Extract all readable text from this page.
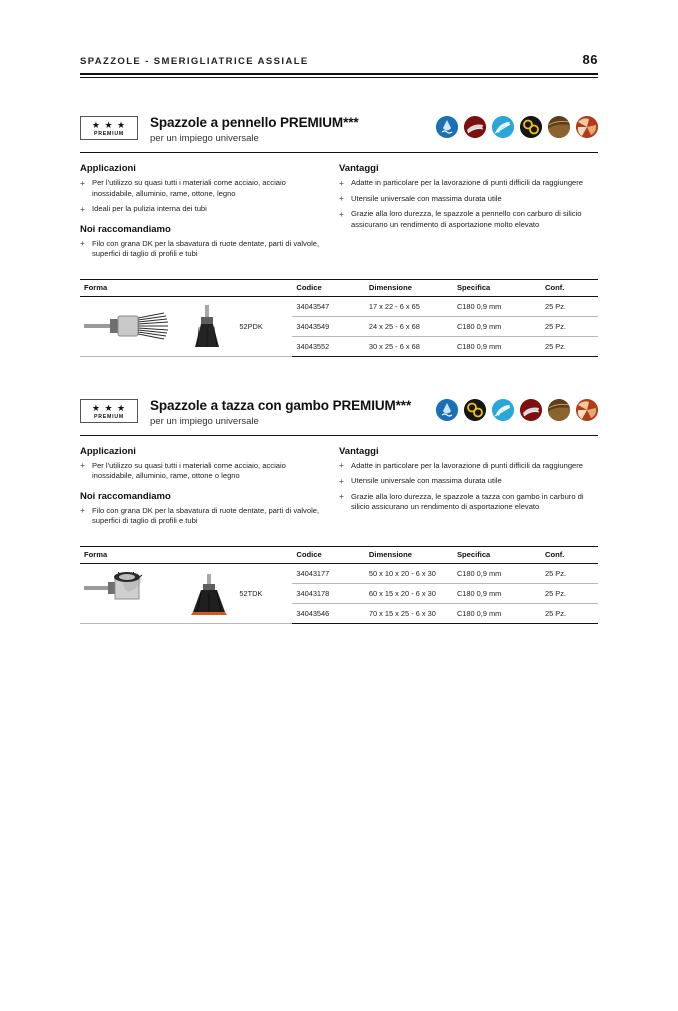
SPAZZOLE - SMERIGLIATRICE ASSIALE	86
★ ★ ★
PREMIUM
Spazzole a pennello PREMIUM***
per un impiego universale
Applicazioni
+ Per l'utilizzo su quasi tutti i materiali come acciaio, acciaio inossidabile, alluminio, rame, ottone, legno
+ Ideali per la pulizia interna dei tubi
Noi raccomandiamo
+ Filo con grana DK per la sbavatura di ruote dentate, parti di valvole, superfici di taglio di profili e tubi
Vantaggi
+ Adatte in particolare per la lavorazione di punti difficili da raggiungere
+ Utensile universale con massima durata utile
+ Grazie alla loro durezza, le spazzole a pennello con carburo di silicio assicurano un rendimento di asportazione molto elevato
Forma		Codice	Dimensione	Specifica	Conf.

	52PDK	34043547	17 x 22 - 6 x 65	C180 0,9 mm	25 Pz.
		34043549	24 x 25 - 6 x 68	C180 0,9 mm	25 Pz.
		34043552	30 x 25 - 6 x 68	C180 0,9 mm	25 Pz.
★ ★ ★
PREMIUM
Spazzole a tazza con gambo PREMIUM***
per un impiego universale
Applicazioni
+ Per l'utilizzo su quasi tutti i materiali come acciaio, acciaio inossidabile, alluminio, rame, ottone o legno
Noi raccomandiamo
+ Filo con grana DK per la sbavatura di ruote dentate, parti di valvole, superfici di taglio di profili e tubi
Vantaggi
+ Adatte in particolare per la lavorazione di punti difficili da raggiungere
+ Utensile universale con massima durata utile
+ Grazie alla loro durezza, le spazzole a tazza con gambo in carburo di silicio assicurano un rendimento di asportazione elevato
Forma		Codice	Dimensione	Specifica	Conf.

	52TDK	34043177	50 x 10 x 20 - 6 x 30	C180 0,9 mm	25 Pz.
		34043178	60 x 15 x 20 - 6 x 30	C180 0,9 mm	25 Pz.
		34043546	70 x 15 x 25 - 6 x 30	C180 0,9 mm	25 Pz.
